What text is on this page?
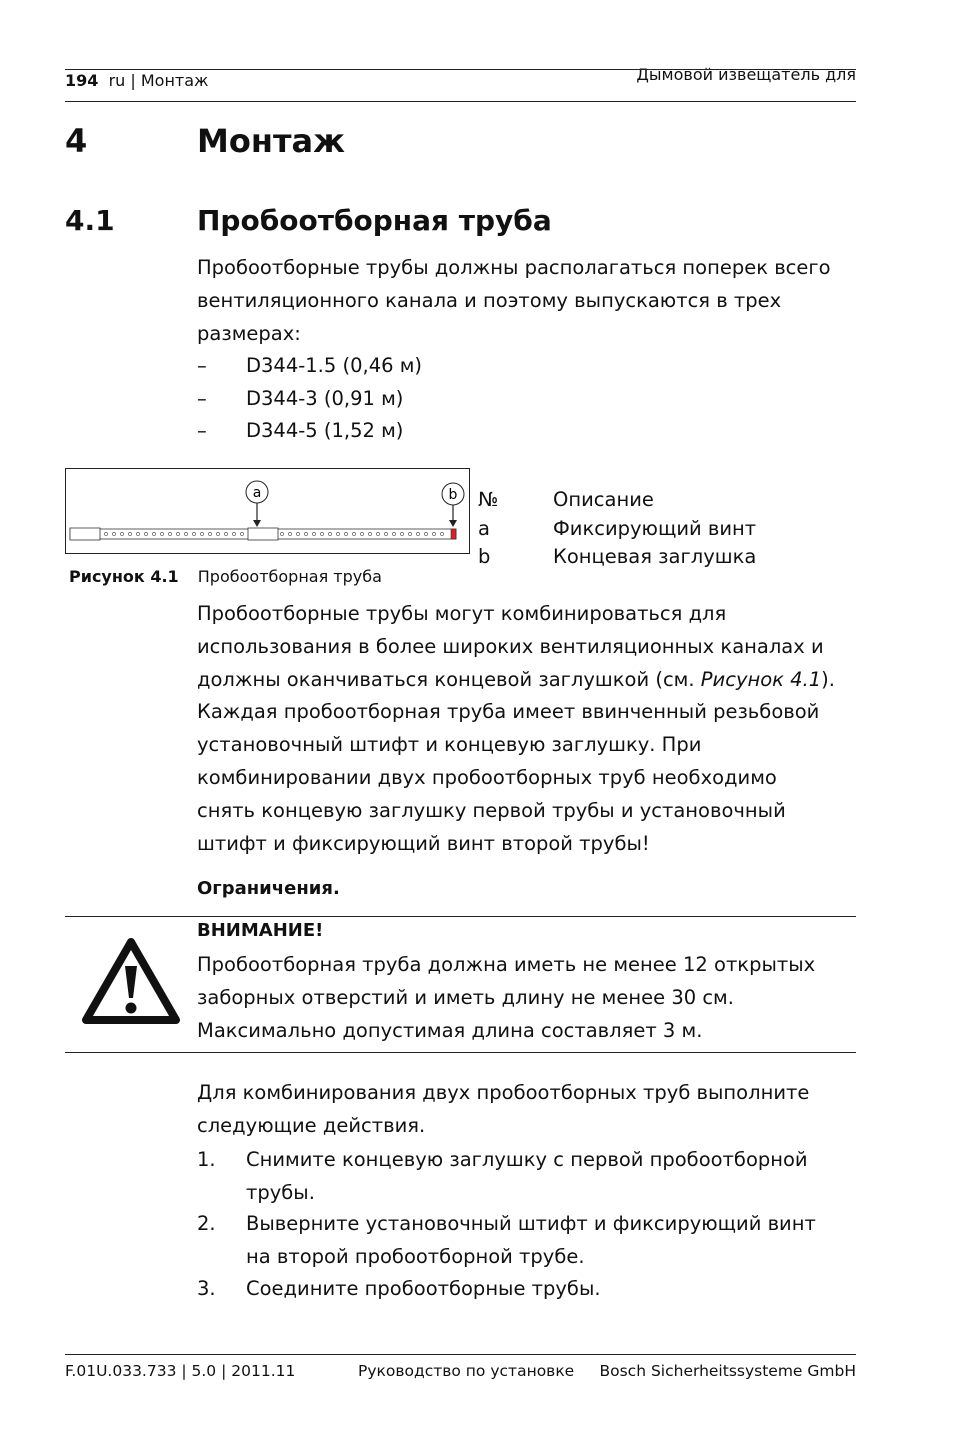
194 ru | Монтаж	Дымовой извещатель для
4	Монтаж
4.1	Пробоотборная труба
Пробоотборные трубы должны располагаться поперек всего
вентиляционного канала и поэтому выпускаются в трех
размерах:
– D344-1.5 (0,46 м)
– D344-3 (0,91 м)
– D344-5 (1,52 м)
a	b
Рисунок 4.1 Пробоотборная труба
№	Описание
a	Фиксирующий винт
b	Концевая заглушка
Пробоотборные трубы могут комбинироваться для
использования в более широких вентиляционных каналах и
должны оканчиваться концевой заглушкой (см. Рисунок 4.1).
Каждая пробоотборная труба имеет ввинченный резьбовой
установочный штифт и концевую заглушку. При
комбинировании двух пробоотборных труб необходимо
снять концевую заглушку первой трубы и установочный
штифт и фиксирующий винт второй трубы!
Ограничения.
ВНИМАНИЕ!
Пробоотборная труба должна иметь не менее 12 открытых
заборных отверстий и иметь длину не менее 30 см.
Максимально допустимая длина составляет 3 м.
Для комбинирования двух пробоотборных труб выполните
следующие действия.
1. Снимите концевую заглушку с первой пробоотборной
трубы.
2. Выверните установочный штифт и фиксирующий винт
на второй пробоотборной трубе.
3. Соедините пробоотборные трубы.
F.01U.033.733 | 5.0 | 2011.11	Руководство по установке Bosch Sicherheitssysteme GmbH
